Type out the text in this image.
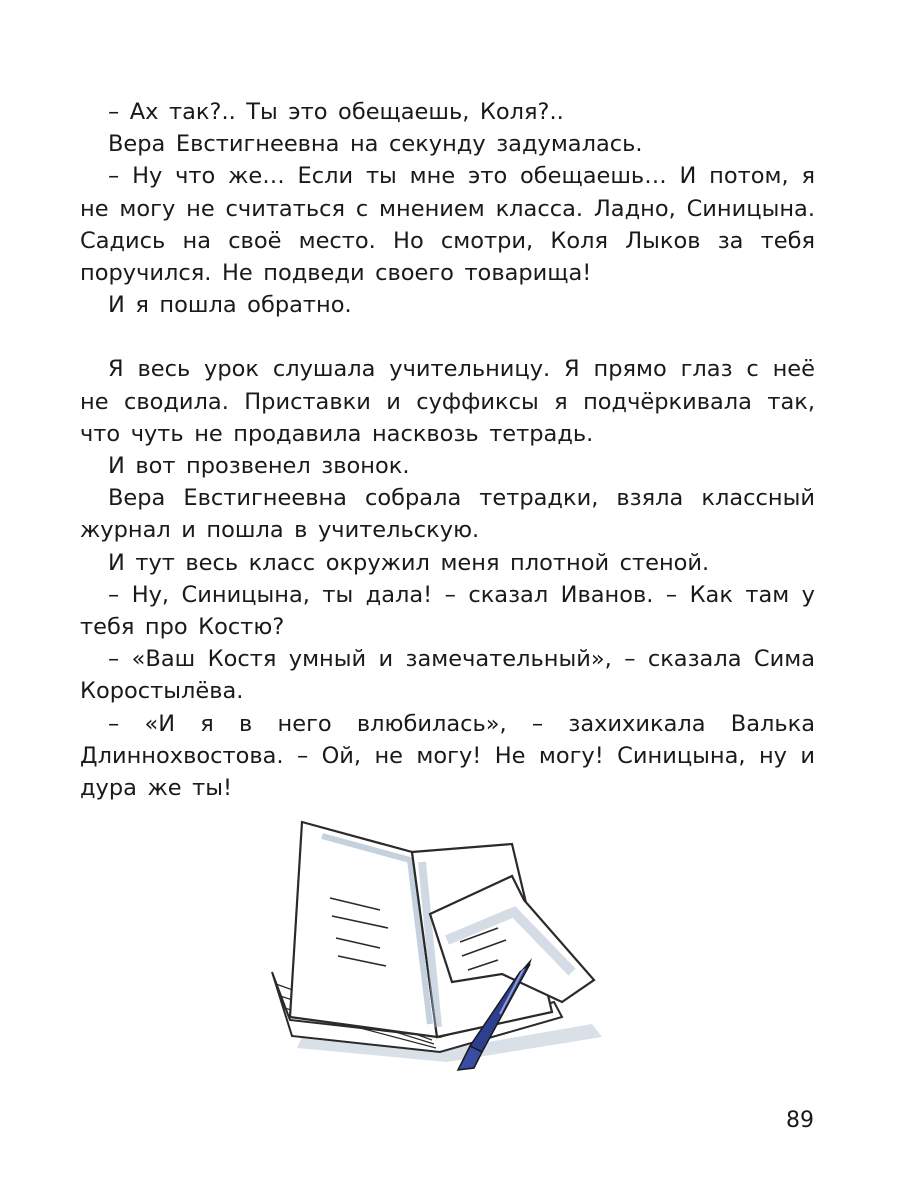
– Ах так?.. Ты это обещаешь, Коля?..

Вера Евстигнеевна на секунду задумалась.

– Ну что же… Если ты мне это обещаешь… И потом, я не могу не считаться с мнением класса. Ладно, Синицына. Садись на своё место. Но смотри, Коля Лыков за тебя поручился. Не подведи своего товарища!

И я пошла обратно.

Я весь урок слушала учительницу. Я прямо глаз с неё не сводила. Приставки и суффиксы я подчёркивала так, что чуть не продавила насквозь тетрадь.

И вот прозвенел звонок.

Вера Евстигнеевна собрала тетрадки, взяла классный журнал и пошла в учительскую.

И тут весь класс окружил меня плотной стеной.

– Ну, Синицына, ты дала! – сказал Иванов. – Как там у тебя про Костю?

– «Ваш Костя умный и замечательный», – сказала Сима Коростылёва.

– «И я в него влюбилась», – захихикала Валька Длиннохвостова. – Ой, не могу! Не могу! Синицына, ну и дура же ты!

89
